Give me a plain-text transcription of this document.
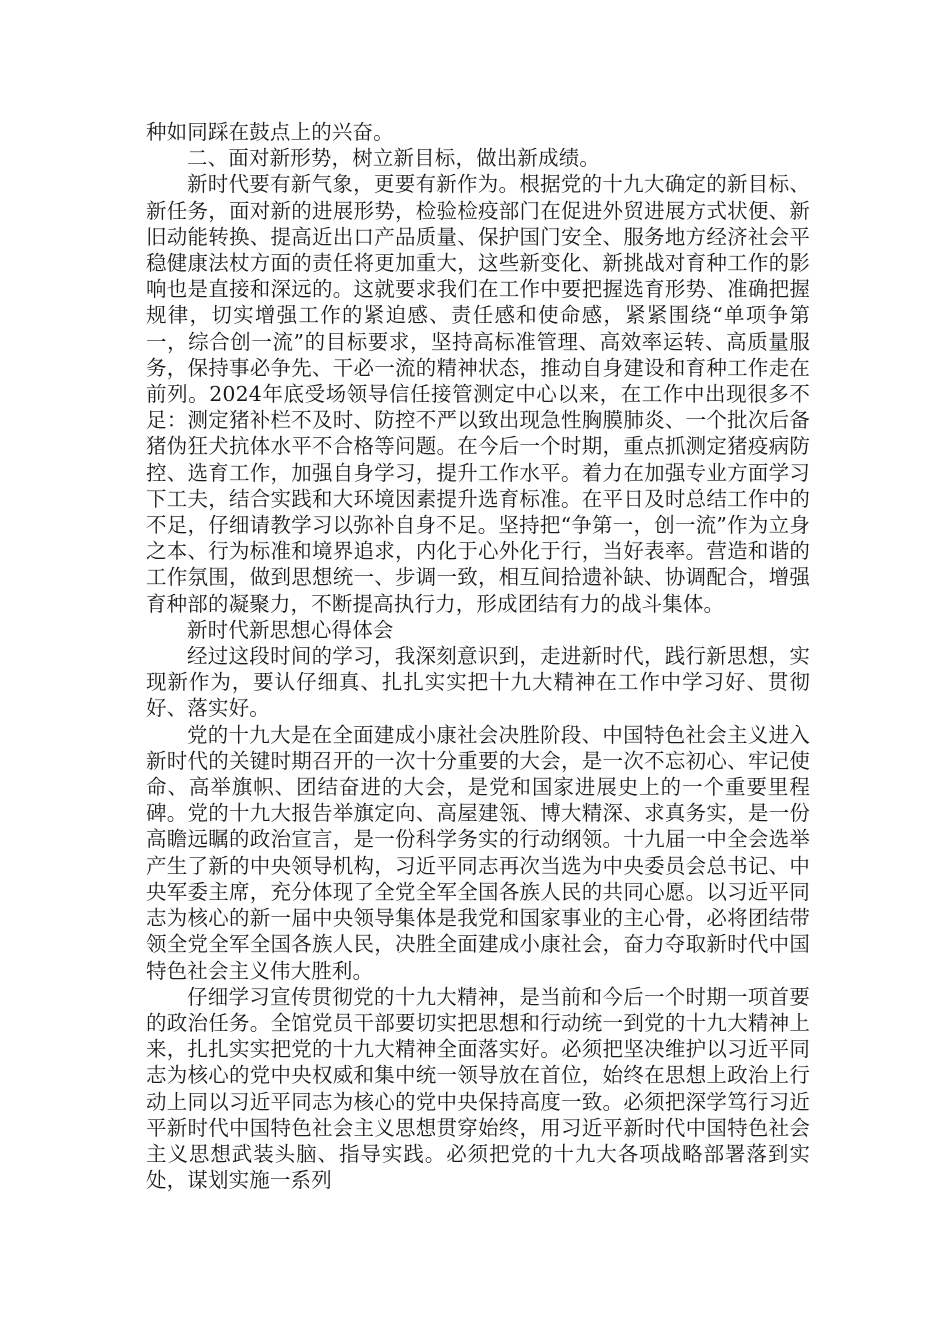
种如同踩在鼓点上的兴奋。

二、面对新形势，树立新目标，做出新成绩。

新时代要有新气象，更要有新作为。根据党的十九大确定的新目标、新任务，面对新的进展形势，检验检疫部门在促进外贸进展方式状便、新旧动能转换、提高近出口产品质量、保护国门安全、服务地方经济社会平稳健康法杖方面的责任将更加重大，这些新变化、新挑战对育种工作的影响也是直接和深远的。这就要求我们在工作中要把握选育形势、准确把握规律，切实增强工作的紧迫感、责任感和使命感，紧紧围绕“单项争第一，综合创一流”的目标要求，坚持高标准管理、高效率运转、高质量服务，保持事必争先、干必一流的精神状态，推动自身建设和育种工作走在前列。2024年底受场领导信任接管测定中心以来，在工作中出现很多不足：测定猪补栏不及时、防控不严以致出现急性胸膜肺炎、一个批次后备猪伪狂犬抗体水平不合格等问题。在今后一个时期，重点抓测定猪疫病防控、选育工作，加强自身学习，提升工作水平。着力在加强专业方面学习下工夫，结合实践和大环境因素提升选育标准。在平日及时总结工作中的不足，仔细请教学习以弥补自身不足。坚持把“争第一，创一流”作为立身之本、行为标准和境界追求，内化于心外化于行，当好表率。营造和谐的工作氛围，做到思想统一、步调一致，相互间拾遗补缺、协调配合，增强育种部的凝聚力，不断提高执行力，形成团结有力的战斗集体。

新时代新思想心得体会

经过这段时间的学习，我深刻意识到，走进新时代，践行新思想，实现新作为，要认仔细真、扎扎实实把十九大精神在工作中学习好、贯彻好、落实好。

党的十九大是在全面建成小康社会决胜阶段、中国特色社会主义进入新时代的关键时期召开的一次十分重要的大会，是一次不忘初心、牢记使命、高举旗帜、团结奋进的大会，是党和国家进展史上的一个重要里程碑。党的十九大报告举旗定向、高屋建瓴、博大精深、求真务实，是一份高瞻远瞩的政治宣言，是一份科学务实的行动纲领。十九届一中全会选举产生了新的中央领导机构，习近平同志再次当选为中央委员会总书记、中央军委主席，充分体现了全党全军全国各族人民的共同心愿。以习近平同志为核心的新一届中央领导集体是我党和国家事业的主心骨，必将团结带领全党全军全国各族人民，决胜全面建成小康社会，奋力夺取新时代中国特色社会主义伟大胜利。

仔细学习宣传贯彻党的十九大精神，是当前和今后一个时期一项首要的政治任务。全馆党员干部要切实把思想和行动统一到党的十九大精神上来，扎扎实实把党的十九大精神全面落实好。必须把坚决维护以习近平同志为核心的党中央权威和集中统一领导放在首位，始终在思想上政治上行动上同以习近平同志为核心的党中央保持高度一致。必须把深学笃行习近平新时代中国特色社会主义思想贯穿始终，用习近平新时代中国特色社会主义思想武装头脑、指导实践。必须把党的十九大各项战略部署落到实处，谋划实施一系列
